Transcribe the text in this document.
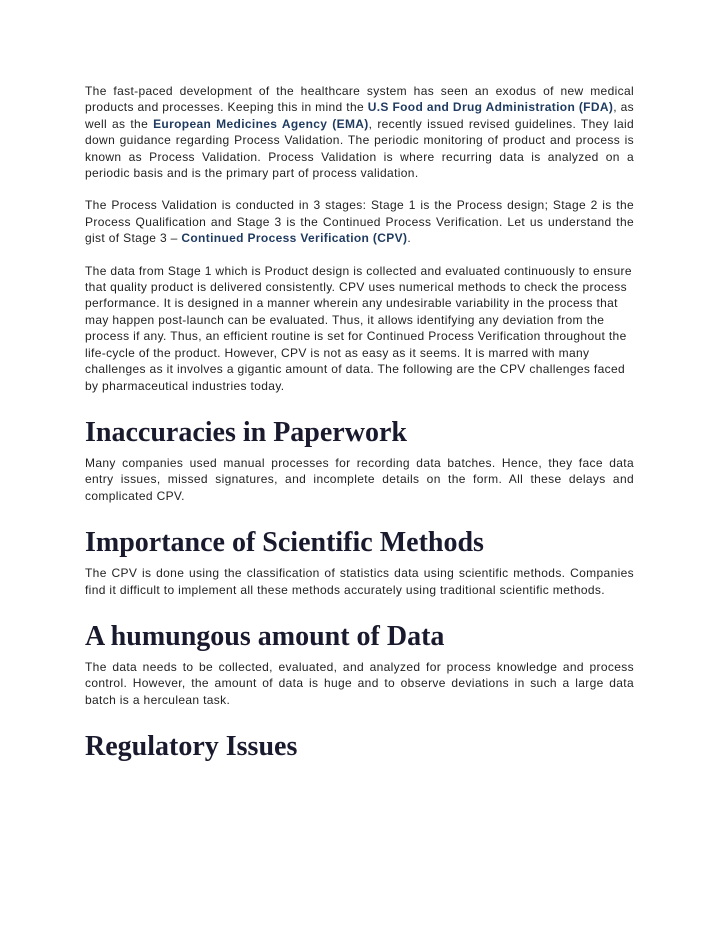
The fast-paced development of the healthcare system has seen an exodus of new medical products and processes. Keeping this in mind the U.S Food and Drug Administration (FDA), as well as the European Medicines Agency (EMA), recently issued revised guidelines. They laid down guidance regarding Process Validation. The periodic monitoring of product and process is known as Process Validation. Process Validation is where recurring data is analyzed on a periodic basis and is the primary part of process validation.

The Process Validation is conducted in 3 stages: Stage 1 is the Process design; Stage 2 is the Process Qualification and Stage 3 is the Continued Process Verification. Let us understand the gist of Stage 3 – Continued Process Verification (CPV).

The data from Stage 1 which is Product design is collected and evaluated continuously to ensure that quality product is delivered consistently. CPV uses numerical methods to check the process performance. It is designed in a manner wherein any undesirable variability in the process that may happen post-launch can be evaluated. Thus, it allows identifying any deviation from the process if any. Thus, an efficient routine is set for Continued Process Verification throughout the life-cycle of the product. However, CPV is not as easy as it seems. It is marred with many challenges as it involves a gigantic amount of data. The following are the CPV challenges faced by pharmaceutical industries today.

Inaccuracies in Paperwork

Many companies used manual processes for recording data batches. Hence, they face data entry issues, missed signatures, and incomplete details on the form. All these delays and complicated CPV.

Importance of Scientific Methods

The CPV is done using the classification of statistics data using scientific methods. Companies find it difficult to implement all these methods accurately using traditional scientific methods.

A humungous amount of Data

The data needs to be collected, evaluated, and analyzed for process knowledge and process control. However, the amount of data is huge and to observe deviations in such a large data batch is a herculean task.

Regulatory Issues
